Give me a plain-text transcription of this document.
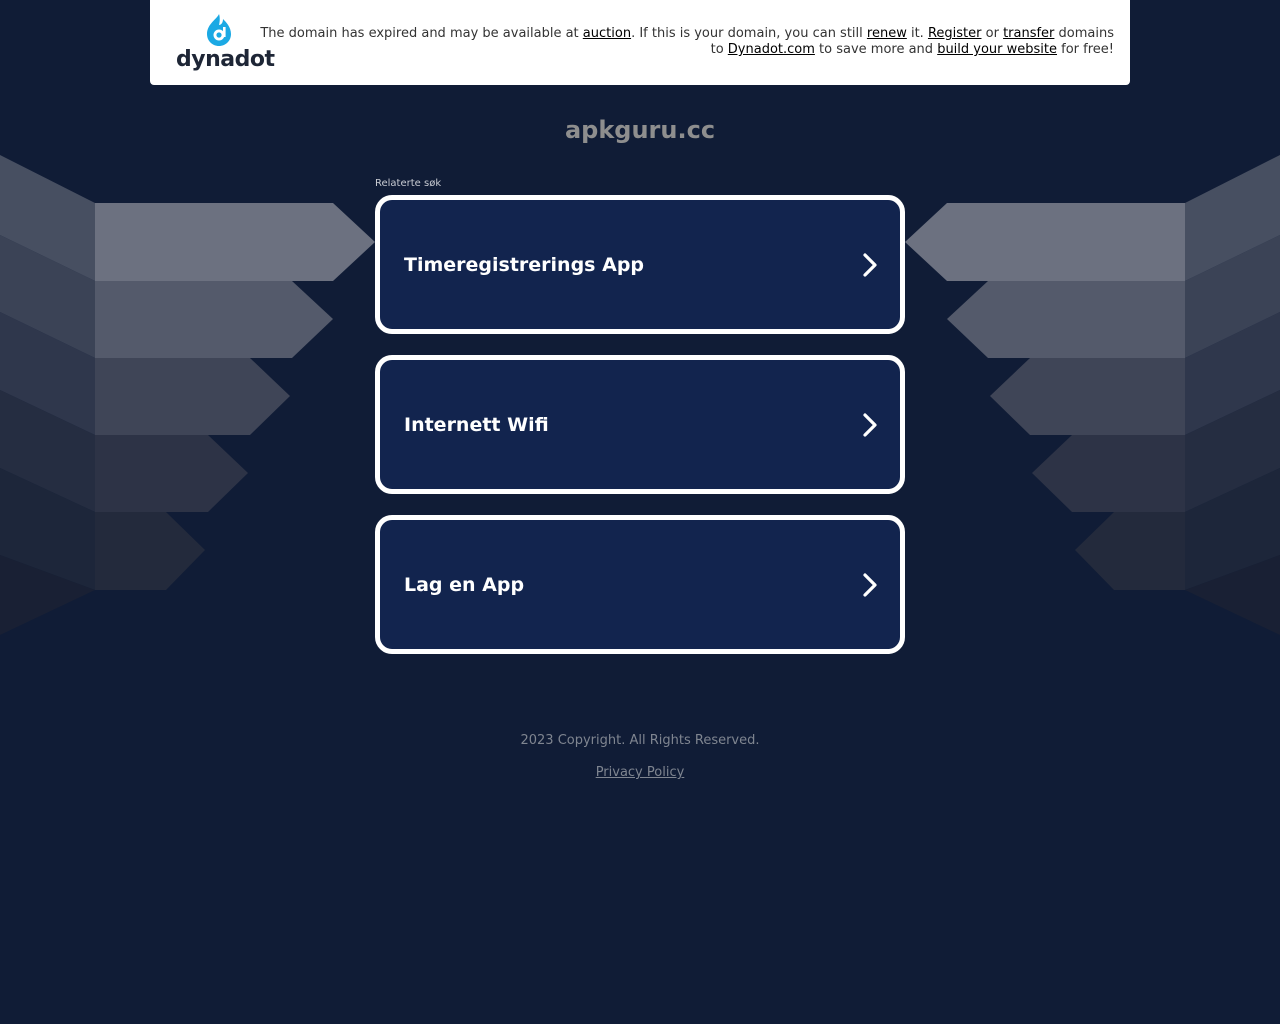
dynadot
The domain has expired and may be available at auction. If this is your domain, you can still renew it. Register or transfer domains to Dynadot.com to save more and build your website for free!
apkguru.cc
Relaterte søk
Timeregistrerings App
Internett Wifi
Lag en App
2023 Copyright. All Rights Reserved.
Privacy Policy
